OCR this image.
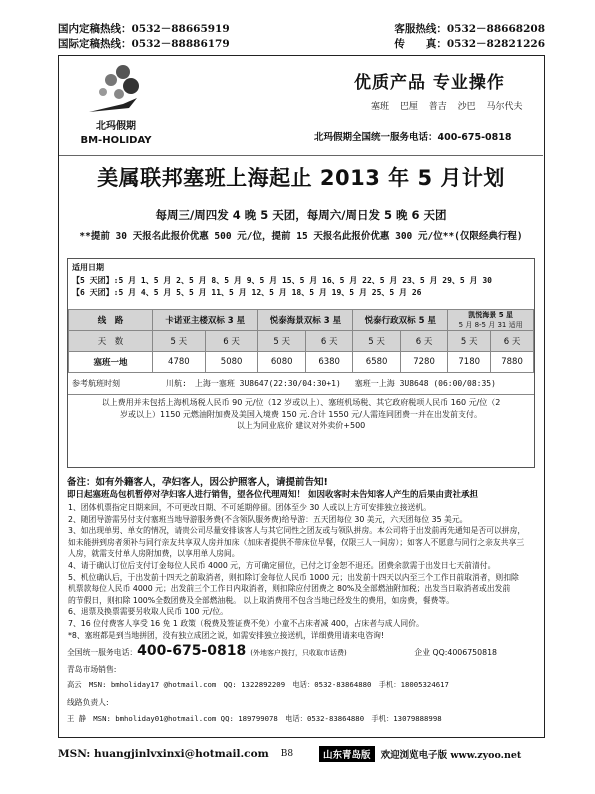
国内定稿热线：0532－88665919	客服热线：0532－88668208
国际定稿热线：0532－88886179	传　　真：0532－82821226
北玛假期
BM-HOLIDAY
优质产品 专业操作
塞班 巴厘 普吉 沙巴 马尔代夫
北玛假期全国统一服务电话：400-675-0818
美属联邦塞班上海起止 2013 年 5 月计划
每周三/周四发 4 晚 5 天团，每周六/周日发 5 晚 6 天团
**提前 30 天报名此报价优惠 500 元/位，提前 15 天报名此报价优惠 300 元/位**(仅限经典行程)
适用日期
【5 天团】:5 月 1、5 月 2、5 月 8、5 月 9、5 月 15、5 月 16、5 月 22、5 月 23、5 月 29、5 月 30
【6 天团】:5 月 4、5 月 5、5 月 11、5 月 12、5 月 18、5 月 19、5 月 25、5 月 26
线　路	卡诺亚主楼双标 3 星		悦泰海景双标 3 星		悦泰行政双标 5 星		凯悦海景 5 星
5 月 8-5 月 31 适用	

天　数	5 天	6 天	5 天	6 天	5 天	6 天	5 天	6 天
塞班一地	4780	5080	6080	6380	6580	7280	7180	7880
参考航班时刻	川航: 上海一塞班 3U8647(22:30/04:30+1) 塞班一上海 3U8648 (06:00/08:35)
以上费用并未包括上海机场税人民币 90 元/位（12 岁或以上）、塞班机场税、其它政府税项人民币 160 元/位（2
岁或以上）1150 元燃油附加费及美国入境费 150 元.合计 1550 元/人需连同团费一并在出发前支付。
以上为同业底价 建议对外卖价+500
备注：如有外籍客人，孕妇客人，因公护照客人，请提前告知!
即日起塞班岛包机暂停对孕妇客人进行销售，望各位代理周知！ 如因收客时未告知客人产生的后果由责社承担
1、团体机票指定日期来回，不可更改日期、不可延期停留。团体至少 30 人或以上方可安排独立接送机。
2、随团导游需另付支付塞班当地导游服务费(不含领队服务费)给导游：五天团每位 30 美元，六天团每位 35 美元。
3、如出现单男、单女的情况，请贵公司尽量安排该客人与其它同性之团友或与领队拼房。本公司将于出发前再先通知是否可以拼房，
如未能拼到房者须补与同行亲友共享双人房并加床（加床者提供不带床位早餐，仅限三人一间房）；如客人不愿意与同行之亲友共享三
人房，就需支付单人房附加费，以享用单人房间。
4、请于确认订位后支付订金每位人民币 4000 元，方可确定留位，已付之订金恕不退还。团费余款需于出发日七天前清付。
5、机位确认后，于出发前十四天之前取消者，则扣除订金每位人民币 1000 元；出发前十四天以内至三个工作日前取消者，则扣除
机票款每位人民币 4000 元；出发前三个工作日内取消者，则扣除应付团费之 80%及全部燃油附加税；出发当日取消者或出发前
的节假日，则扣除 100%全数团费及全部燃油税。 以上取消费用不包含当地已经发生的费用，如房费，餐费等。
6、退票及换票需要另收取人民币 100 元/位。
7、16 位付费客人享受 16 免 1 政策（税费及签证费不免）小童不占床者减 400，占床者与成人同价。
*8、塞班都是到当地拼团，没有独立成团之说，如需安排独立接送机，详细费用请来电咨询!
全国统一服务电话： 400-675-0818 (外地客户拨打，只收取市话费)	企业 QQ:4006750818
青岛市场销售:
高云　MSN: bmholiday17 @hotmail.com　QQ: 1322892209　电话：0532-83864880　手机：18005324617
线路负责人:
王 静　MSN: bmholiday01@hotmail.com QQ: 189799078　电话：0532-83864880　手机：13079888998
MSN: huangjinlvxinxi@hotmail.com B8	山东青岛版	欢迎浏览电子版 www.zyoo.net
